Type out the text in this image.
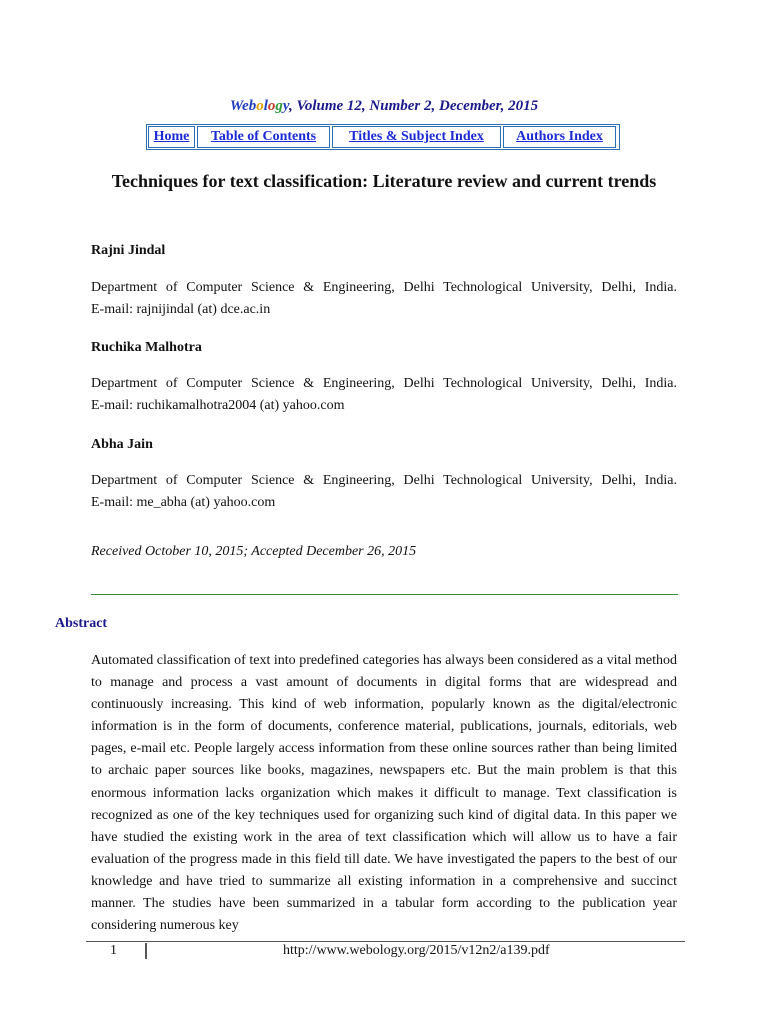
Webology, Volume 12, Number 2, December, 2015
Home	Table of Contents	Titles & Subject Index	Authors Index
Techniques for text classification: Literature review and current trends
Rajni Jindal
Department of Computer Science & Engineering, Delhi Technological University, Delhi, India.
E-mail: rajnijindal (at) dce.ac.in
Ruchika Malhotra
Department of Computer Science & Engineering, Delhi Technological University, Delhi, India.
E-mail: ruchikamalhotra2004 (at) yahoo.com
Abha Jain
Department of Computer Science & Engineering, Delhi Technological University, Delhi, India.
E-mail: me_abha (at) yahoo.com
Received October 10, 2015; Accepted December 26, 2015
Abstract
Automated classification of text into predefined categories has always been considered as a vital method to manage and process a vast amount of documents in digital forms that are widespread and continuously increasing. This kind of web information, popularly known as the digital/electronic information is in the form of documents, conference material, publications, journals, editorials, web pages, e-mail etc. People largely access information from these online sources rather than being limited to archaic paper sources like books, magazines, newspapers etc. But the main problem is that this enormous information lacks organization which makes it difficult to manage. Text classification is recognized as one of the key techniques used for organizing such kind of digital data. In this paper we have studied the existing work in the area of text classification which will allow us to have a fair evaluation of the progress made in this field till date. We have investigated the papers to the best of our knowledge and have tried to summarize all existing information in a comprehensive and succinct manner. The studies have been summarized in a tabular form according to the publication year considering numerous key
1	http://www.webology.org/2015/v12n2/a139.pdf
